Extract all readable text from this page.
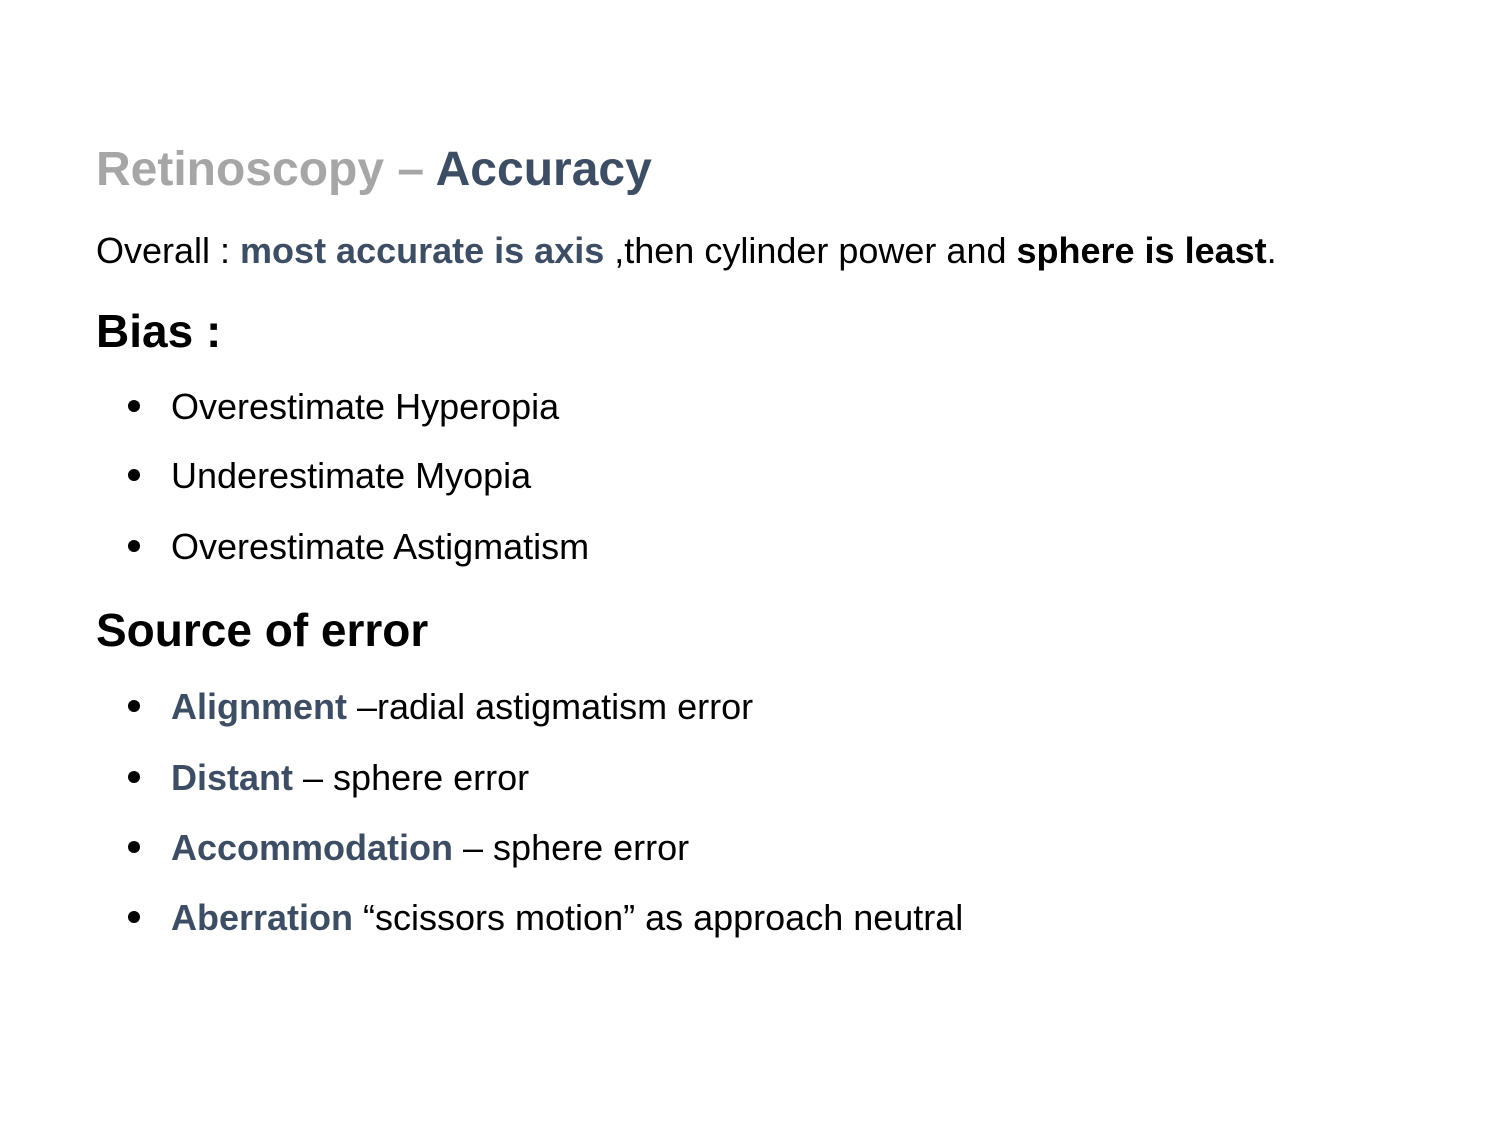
Retinoscopy – Accuracy
Overall : most accurate is axis ,then cylinder power and sphere is least.
Bias :
Overestimate Hyperopia
Underestimate Myopia
Overestimate Astigmatism
Source of error
Alignment –radial astigmatism error
Distant – sphere error
Accommodation – sphere error
Aberration “scissors motion” as approach neutral
